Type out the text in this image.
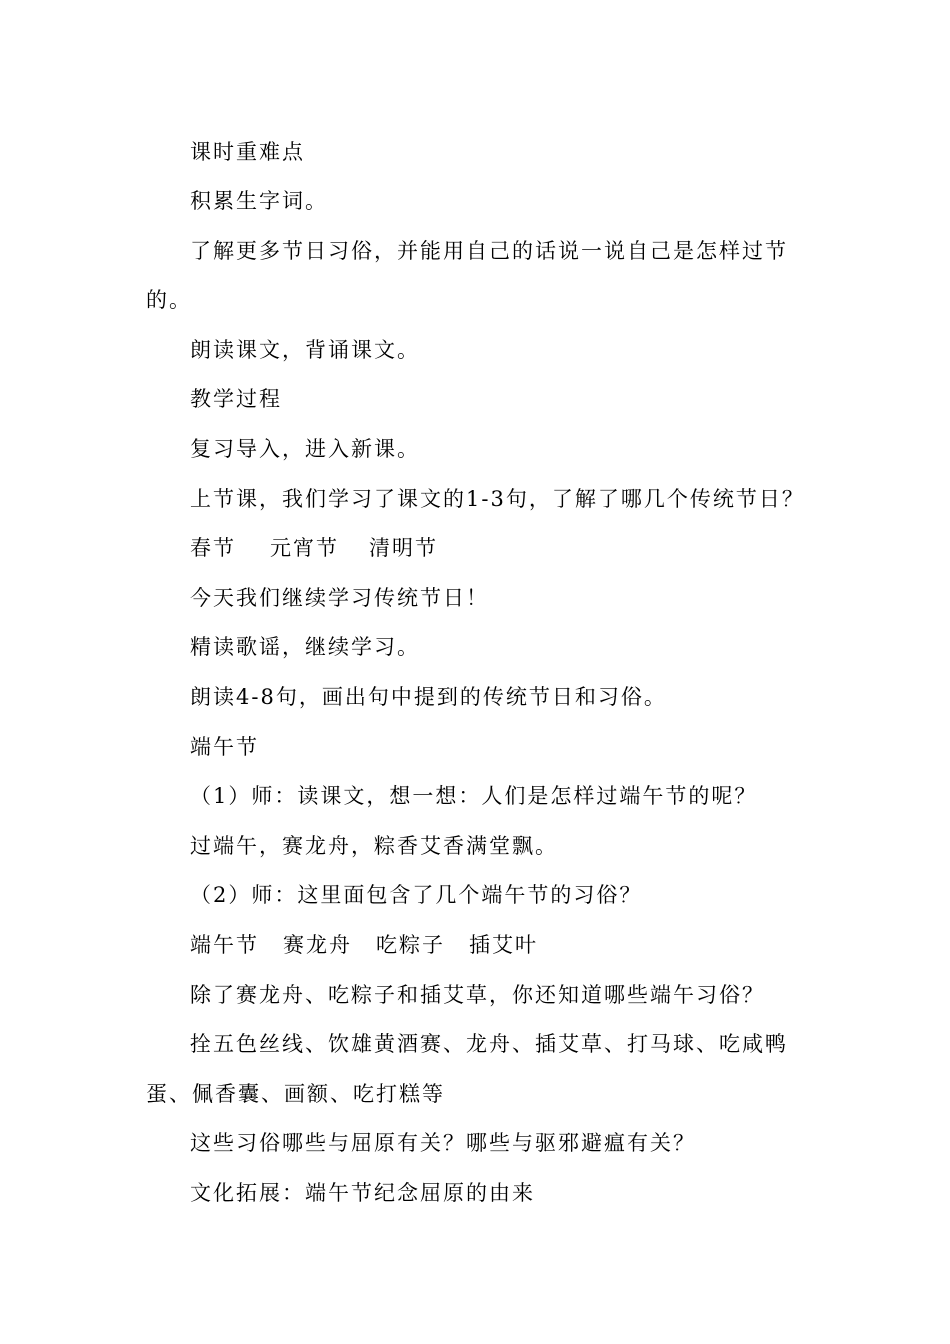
课时重难点
积累生字词。
了解更多节日习俗，并能用自己的话说一说自己是怎样过节
的。
朗读课文，背诵课文。
教学过程
复习导入，进入新课。
上节课，我们学习了课文的1-3句，了解了哪几个传统节日？
春节 元宵节 清明节
今天我们继续学习传统节日！
精读歌谣，继续学习。
朗读4-8句，画出句中提到的传统节日和习俗。
端午节
（1）师：读课文，想一想：人们是怎样过端午节的呢？
过端午，赛龙舟，粽香艾香满堂飘。
（2）师：这里面包含了几个端午节的习俗？
端午节 赛龙舟 吃粽子 插艾叶
除了赛龙舟、吃粽子和插艾草，你还知道哪些端午习俗？
拴五色丝线、饮雄黄酒赛、龙舟、插艾草、打马球、吃咸鸭
蛋、佩香囊、画额、吃打糕等
这些习俗哪些与屈原有关？哪些与驱邪避瘟有关？
文化拓展：端午节纪念屈原的由来
